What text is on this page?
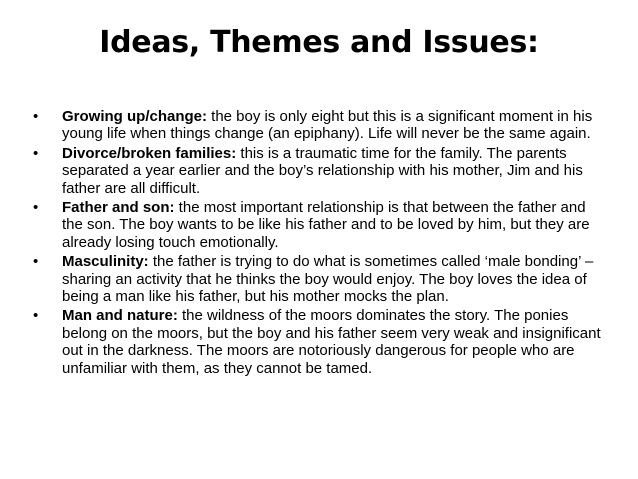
Ideas, Themes and Issues:
• Growing up/change: the boy is only eight but this is a significant moment in his young life when things change (an epiphany). Life will never be the same again.
• Divorce/broken families: this is a traumatic time for the family. The parents separated a year earlier and the boy’s relationship with his mother, Jim and his father are all difficult.
• Father and son: the most important relationship is that between the father and the son. The boy wants to be like his father and to be loved by him, but they are already losing touch emotionally.
• Masculinity: the father is trying to do what is sometimes called ‘male bonding’ – sharing an activity that he thinks the boy would enjoy. The boy loves the idea of being a man like his father, but his mother mocks the plan.
• Man and nature: the wildness of the moors dominates the story. The ponies belong on the moors, but the boy and his father seem very weak and insignificant out in the darkness. The moors are notoriously dangerous for people who are unfamiliar with them, as they cannot be tamed.
